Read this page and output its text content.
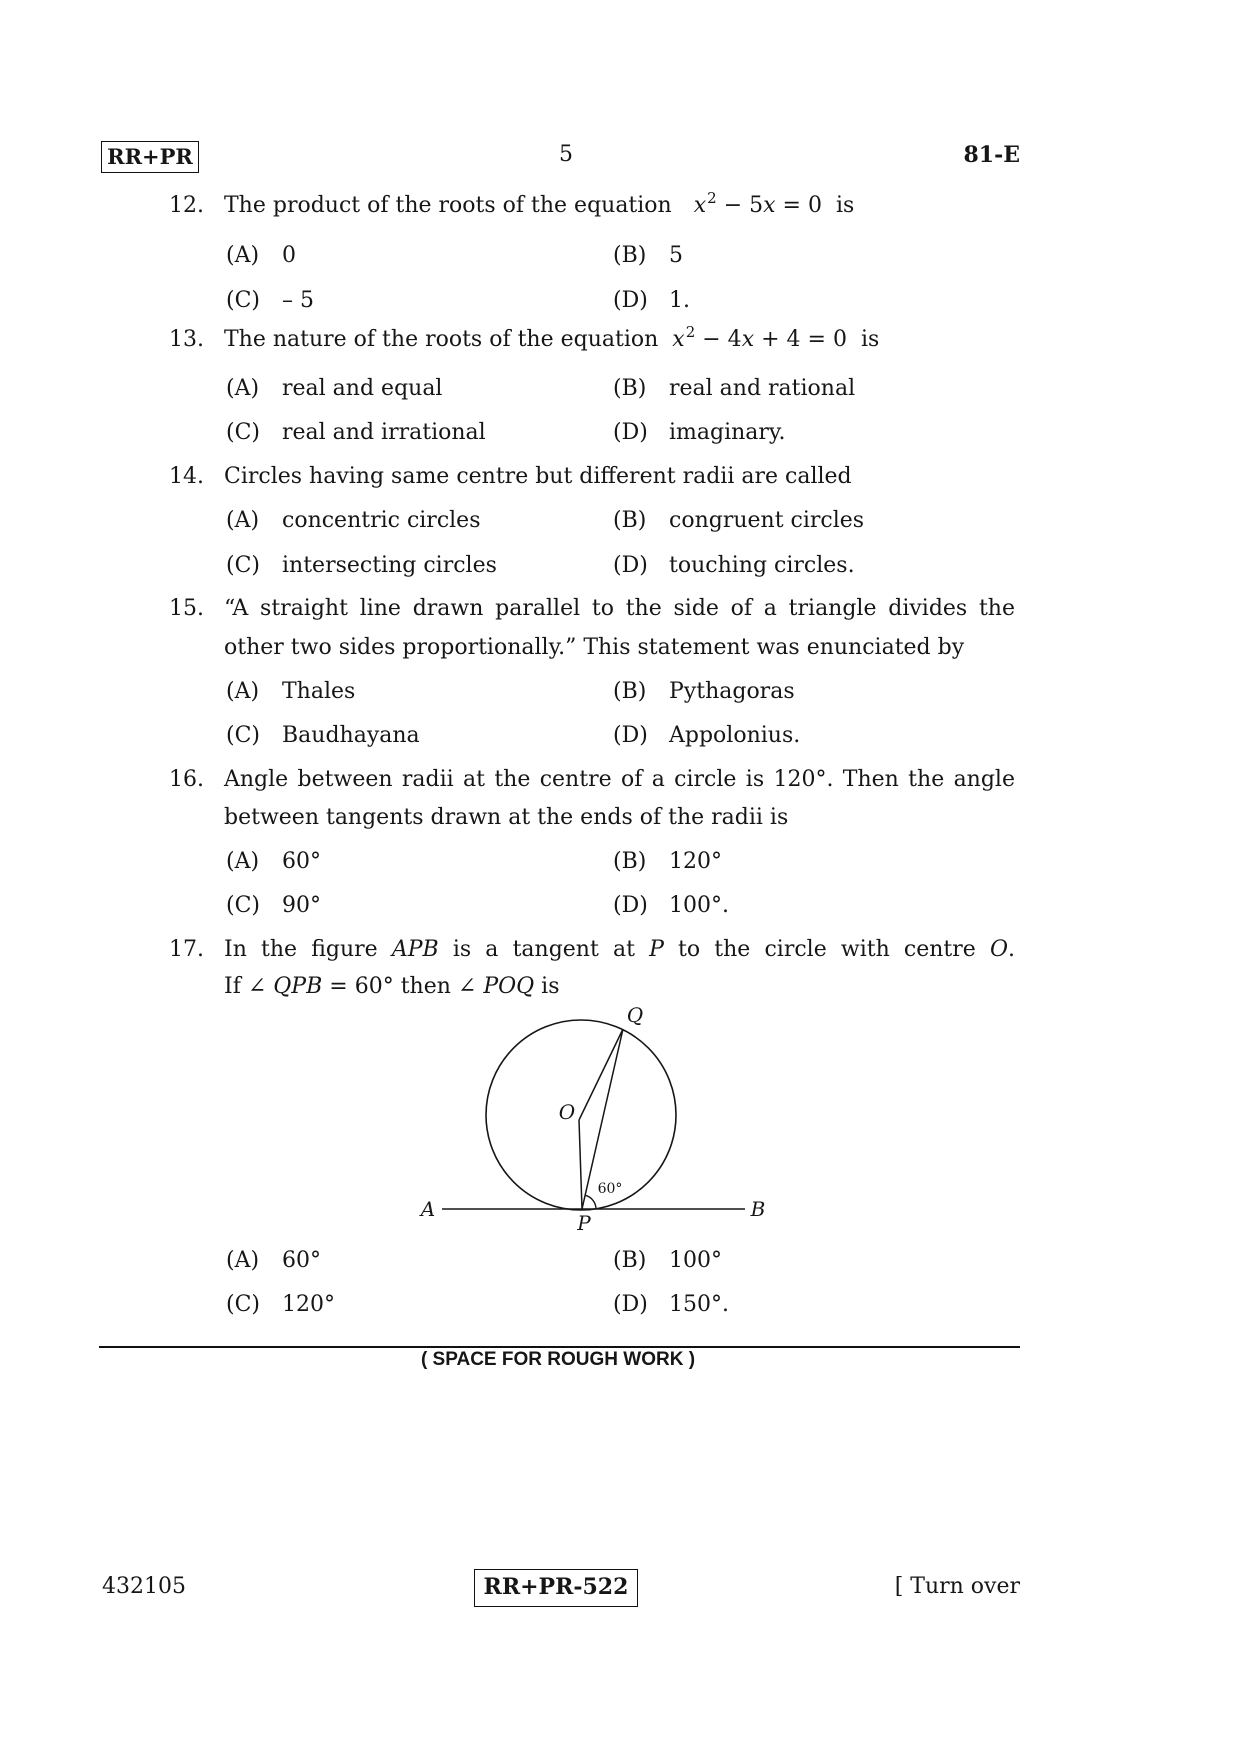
RR+PR	5	81-E
12. The product of the roots of the equation $x^2 - 5x = 0$ is
(A) 0	(B) 5
(C) – 5	(D) 1.
13. The nature of the roots of the equation $x^2 - 4x + 4 = 0$ is
(A) real and equal	(B) real and rational
(C) real and irrational	(D) imaginary.
14. Circles having same centre but different radii are called
(A) concentric circles	(B) congruent circles
(C) intersecting circles	(D) touching circles.
15. “A straight line drawn parallel to the side of a triangle divides the
other two sides proportionally.” This statement was enunciated by
(A) Thales	(B) Pythagoras
(C) Baudhayana	(D) Appolonius.
16. Angle between radii at the centre of a circle is 120°. Then the angle
between tangents drawn at the ends of the radii is
(A) 60°	(B) 120°
(C) 90°	(D) 100°.
17. In the figure APB is a tangent at P to the circle with centre O.
If ∠ QPB = 60° then ∠ POQ is
A	B
P
O
Q
60°
(A) 60°	(B) 100°
(C) 120°	(D) 150°.
( SPACE FOR ROUGH WORK )
432105	RR+PR-522	[ Turn over
